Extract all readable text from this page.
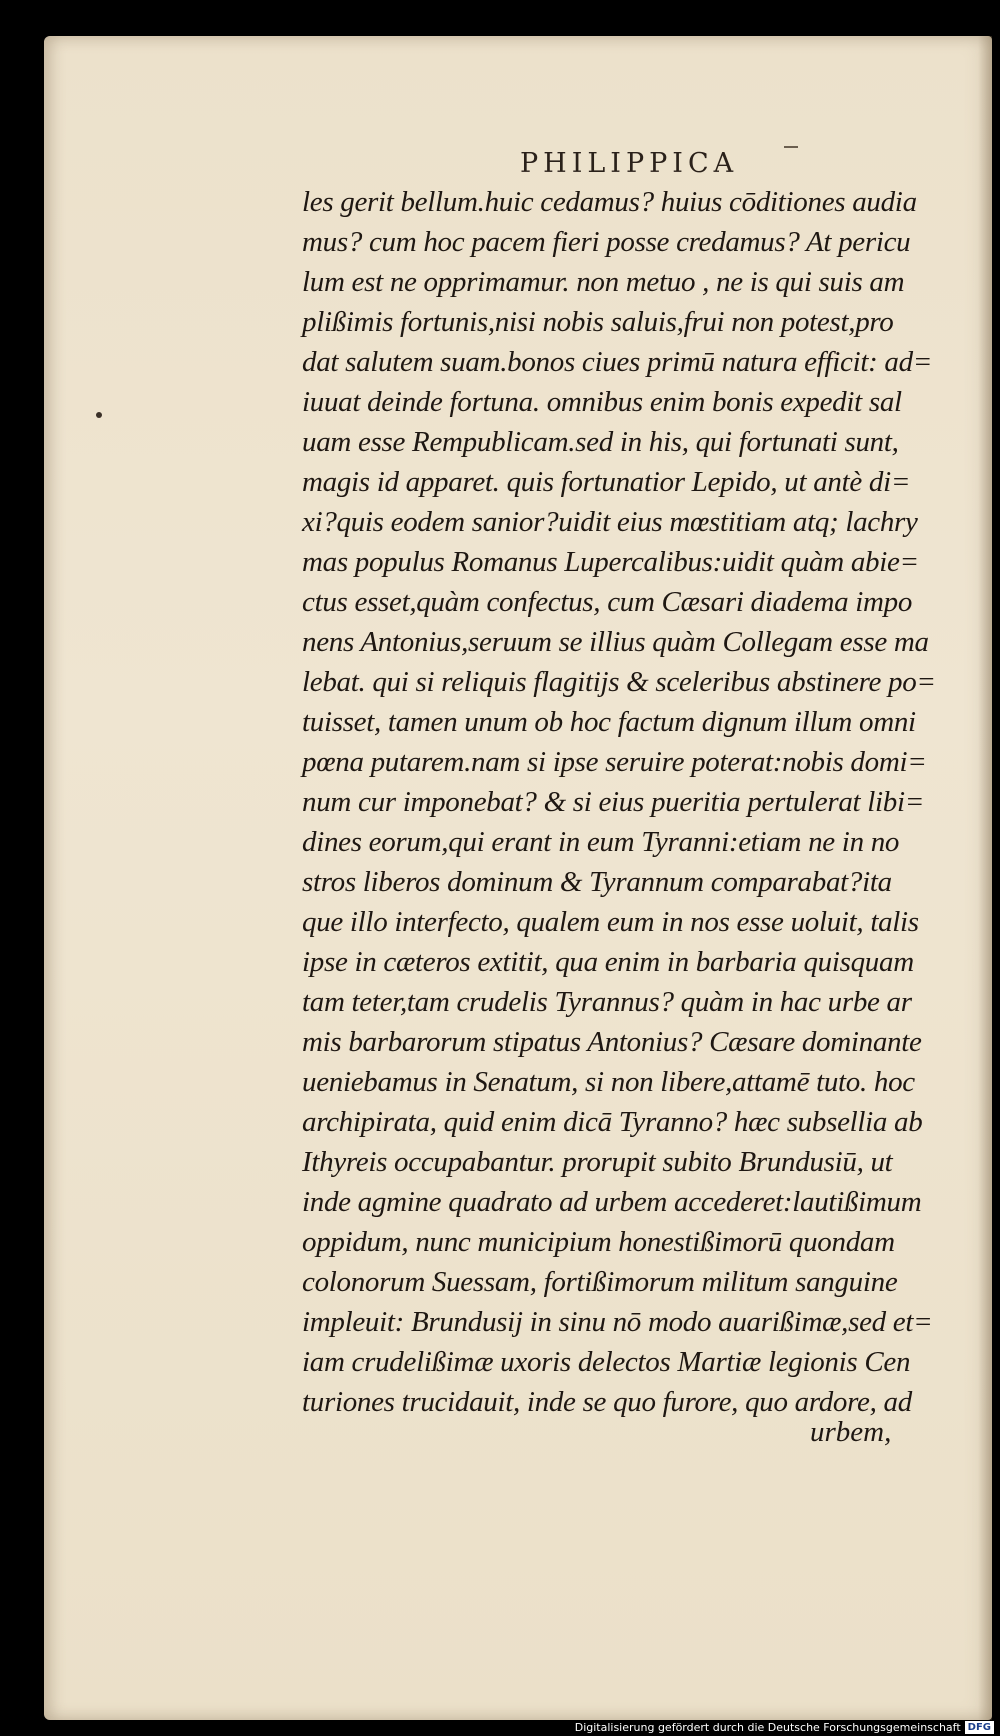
PHILIPPICA
les gerit bellum.huic cedamus? huius cōditiones audia
mus? cum hoc pacem fieri posse credamus? At pericu
lum est ne opprimamur. non metuo , ne is qui suis am
plißimis fortunis,nisi nobis saluis,frui non potest,pro
dat salutem suam.bonos ciues primū natura efficit: ad=
iuuat deinde fortuna. omnibus enim bonis expedit sal
uam esse Rempublicam.sed in his, qui fortunati sunt,
magis id apparet. quis fortunatior Lepido, ut antè di=
xi?quis eodem sanior?uidit eius mœstitiam atq; lachry
mas populus Romanus Lupercalibus:uidit quàm abie=
ctus esset,quàm confectus, cum Cæsari diadema impo
nens Antonius,seruum se illius quàm Collegam esse ma
lebat. qui si reliquis flagitijs & sceleribus abstinere po=
tuisset, tamen unum ob hoc factum dignum illum omni
pœna putarem.nam si ipse seruire poterat:nobis domi=
num cur imponebat? & si eius pueritia pertulerat libi=
dines eorum,qui erant in eum Tyranni:etiam ne in no
stros liberos dominum & Tyrannum comparabat?ita
que illo interfecto, qualem eum in nos esse uoluit, talis
ipse in cæteros extitit, qua enim in barbaria quisquam
tam teter,tam crudelis Tyrannus? quàm in hac urbe ar
mis barbarorum stipatus Antonius? Cæsare dominante
ueniebamus in Senatum, si non libere,attamē tuto. hoc
archipirata, quid enim dicā Tyranno? hæc subsellia ab
Ithyreis occupabantur. prorupit subito Brundusiū, ut
inde agmine quadrato ad urbem accederet:lautißimum
oppidum, nunc municipium honestißimorū quondam
colonorum Suessam, fortißimorum militum sanguine
impleuit: Brundusij in sinu nō modo auarißimæ,sed et=
iam crudelißimæ uxoris delectos Martiæ legionis Cen
turiones trucidauit, inde se quo furore, quo ardore, ad
urbem,
Digitalisierung gefördert durch die Deutsche Forschungsgemeinschaft DFG
